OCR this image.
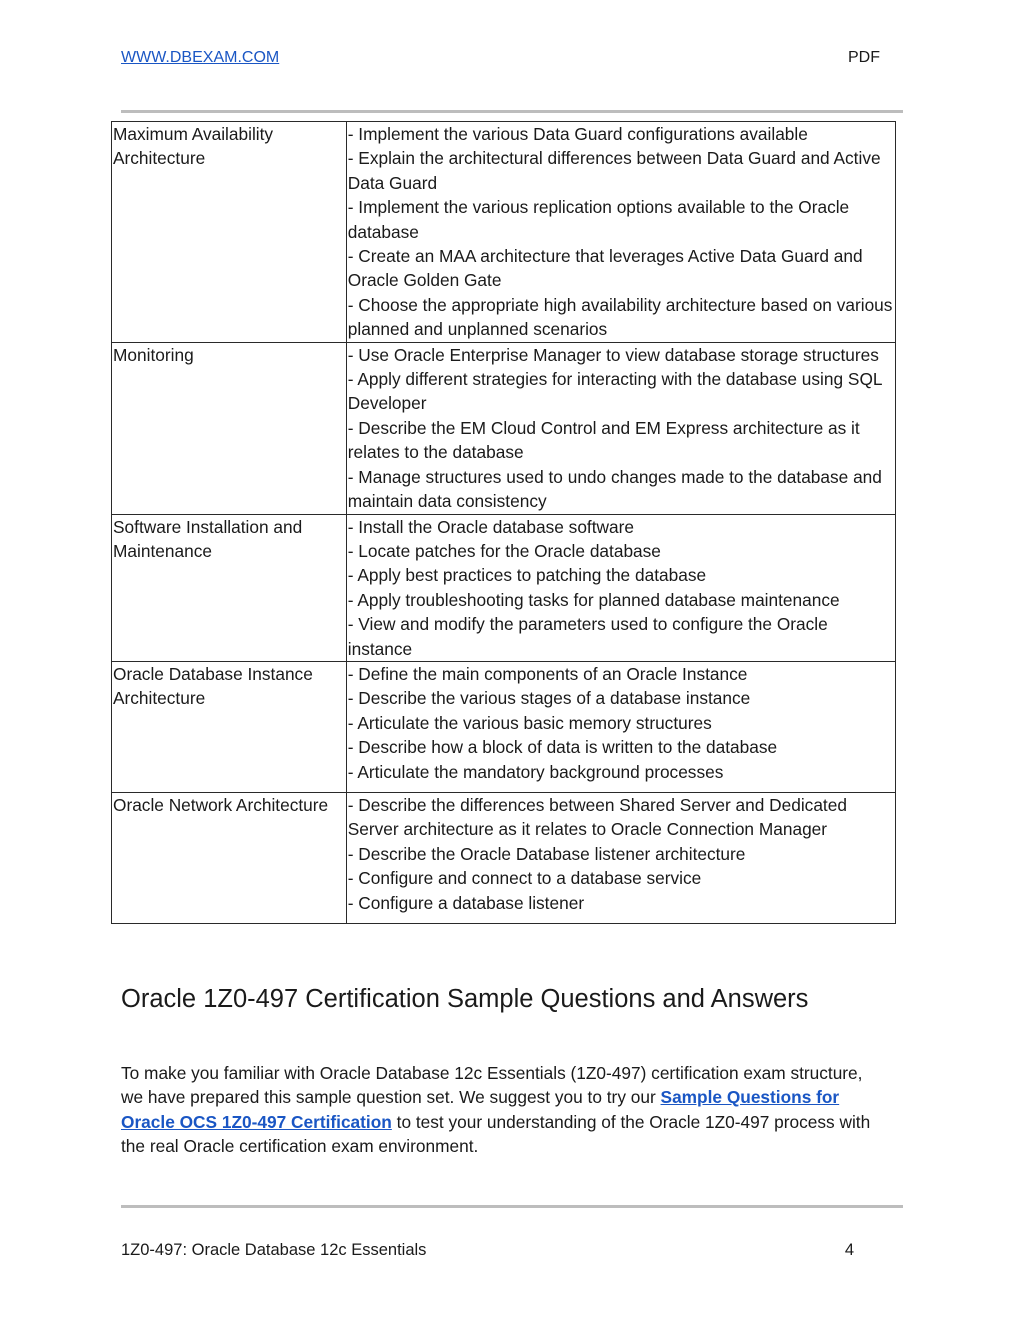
WWW.DBEXAM.COM	PDF
Maximum Availability Architecture	- Implement the various Data Guard configurations available
- Explain the architectural differences between Data Guard and Active Data Guard
- Implement the various replication options available to the Oracle database
- Create an MAA architecture that leverages Active Data Guard and Oracle Golden Gate
- Choose the appropriate high availability architecture based on various planned and unplanned scenarios

Monitoring	- Use Oracle Enterprise Manager to view database storage structures
- Apply different strategies for interacting with the database using SQL Developer
- Describe the EM Cloud Control and EM Express architecture as it relates to the database
- Manage structures used to undo changes made to the database and maintain data consistency

Software Installation and Maintenance	- Install the Oracle database software
- Locate patches for the Oracle database
- Apply best practices to patching the database
- Apply troubleshooting tasks for planned database maintenance
- View and modify the parameters used to configure the Oracle instance

Oracle Database Instance Architecture	- Define the main components of an Oracle Instance
- Describe the various stages of a database instance
- Articulate the various basic memory structures
- Describe how a block of data is written to the database
- Articulate the mandatory background processes

Oracle Network Architecture	- Describe the differences between Shared Server and Dedicated Server architecture as it relates to Oracle Connection Manager
- Describe the Oracle Database listener architecture
- Configure and connect to a database service
- Configure a database listener
Oracle 1Z0-497 Certification Sample Questions and Answers

To make you familiar with Oracle Database 12c Essentials (1Z0-497) certification exam structure, we have prepared this sample question set. We suggest you to try our Sample Questions for Oracle OCS 1Z0-497 Certification to test your understanding of the Oracle 1Z0-497 process with the real Oracle certification exam environment.

1Z0-497: Oracle Database 12c Essentials	4
